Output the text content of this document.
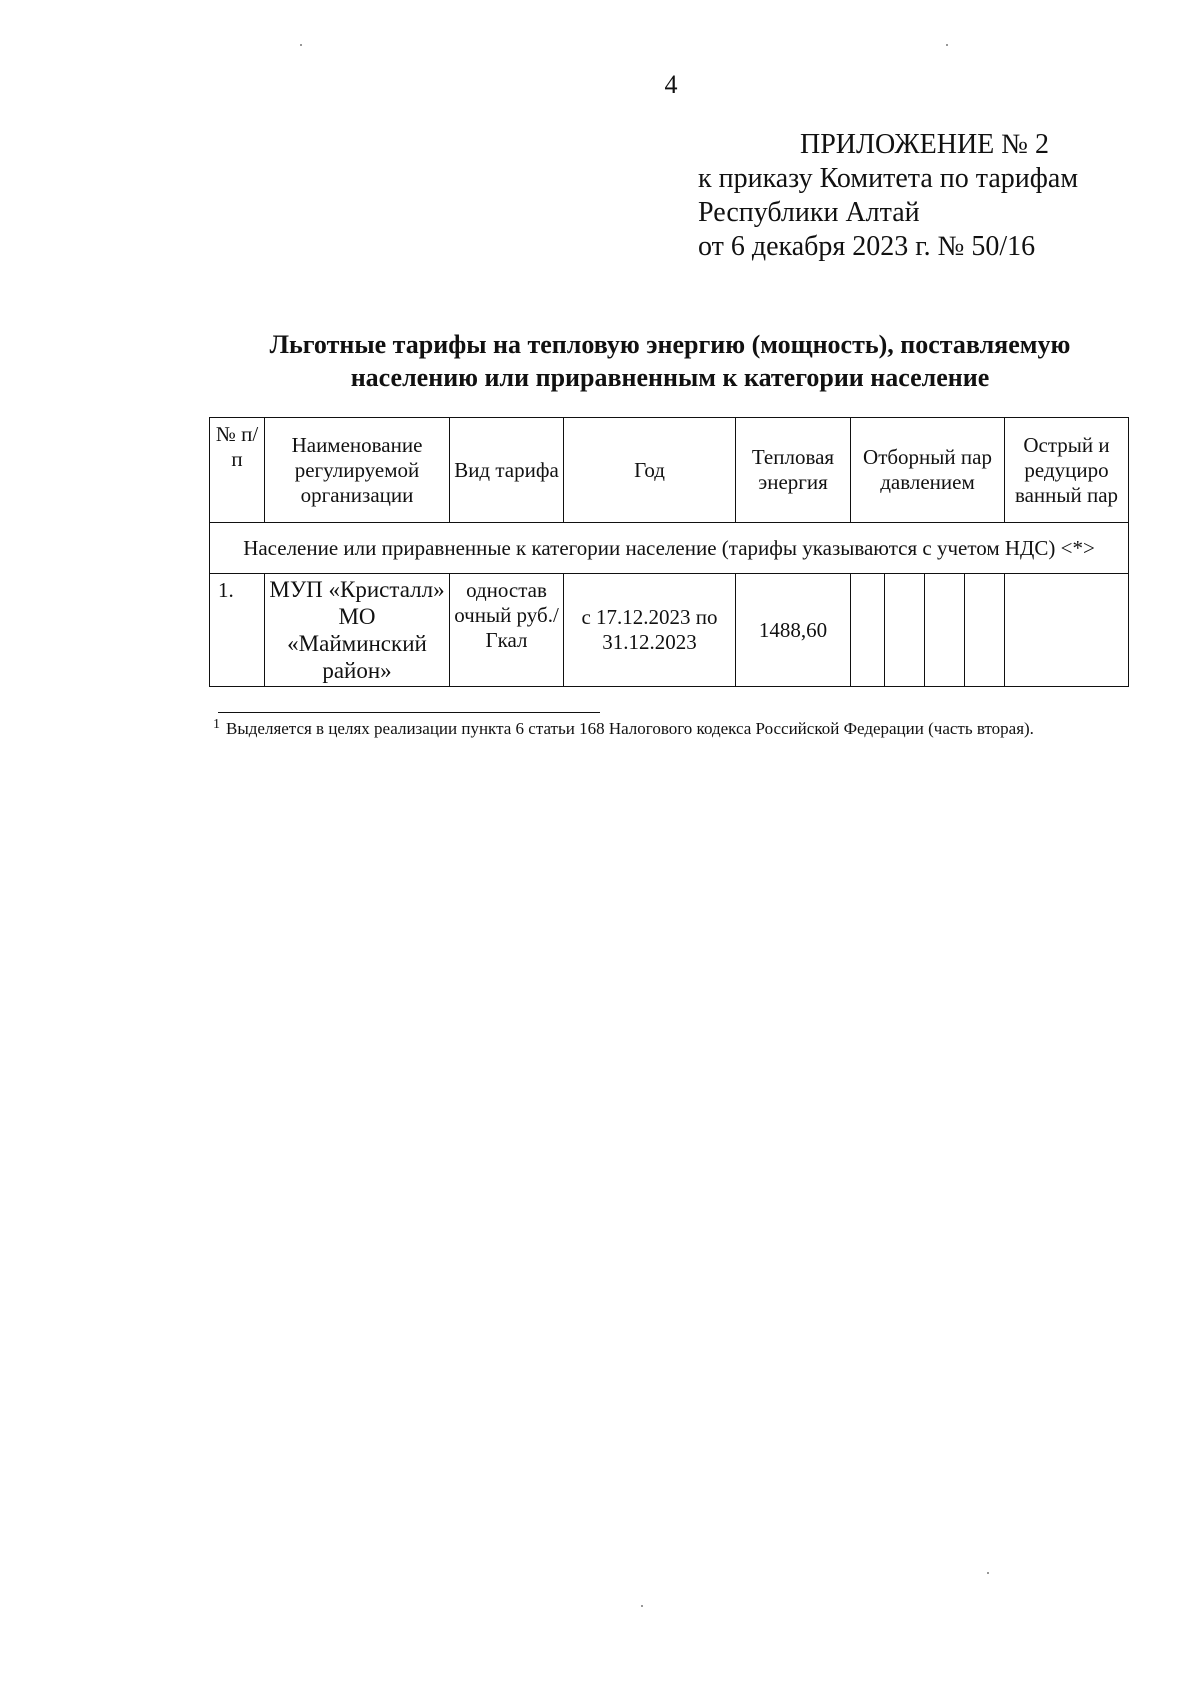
4
ПРИЛОЖЕНИЕ № 2
к приказу Комитета по тарифам
Республики Алтай
от 6 декабря 2023 г. № 50/16
Льготные тарифы на тепловую энергию (мощность), поставляемую
населению или приравненным к категории население
№ п/п	Наименование регулируемой организации	Вид тарифа	Год	Тепловая энергия	Отборный пар давлением				Острый и редуциро ванный пар
Население или приравненные к категории население (тарифы указываются с учетом НДС) <*>									
1.	МУП «Кристалл» МО «Майминский район»	одностав очный руб./Гкал	с 17.12.2023 по 31.12.2023	1488,60					
$^1$ Выделяется в целях реализации пункта 6 статьи 168 Налогового кодекса Российской Федерации (часть вторая).
